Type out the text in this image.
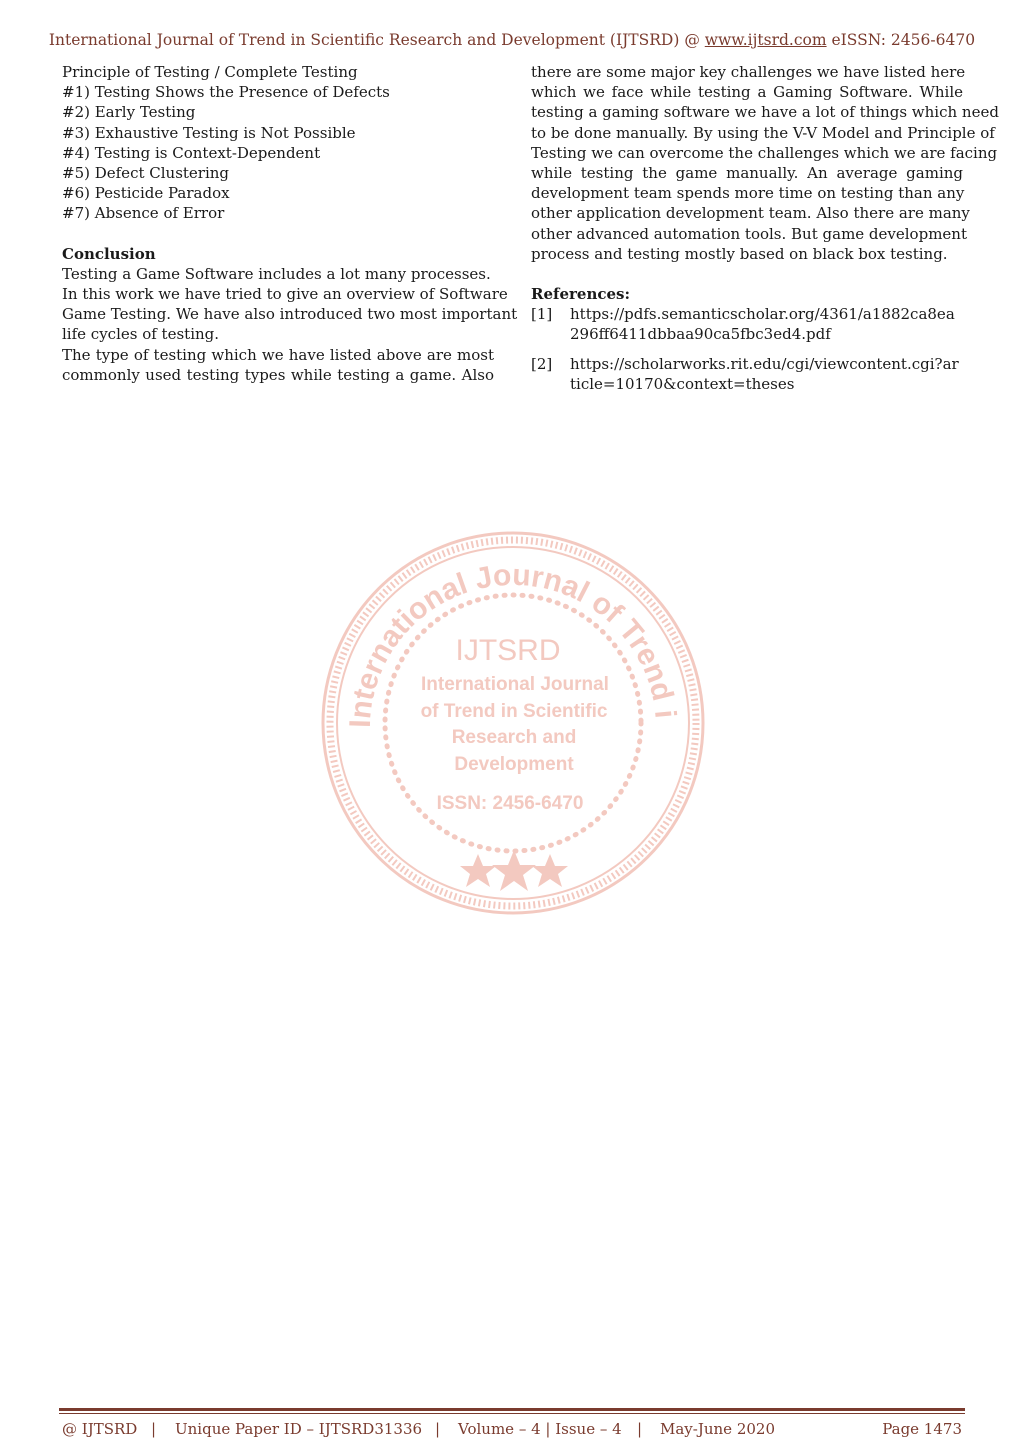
International Journal of Trend in Scientific Research and Development (IJTSRD) @ www.ijtsrd.com eISSN: 2456-6470
Principle of Testing / Complete Testing
#1) Testing Shows the Presence of Defects
#2) Early Testing
#3) Exhaustive Testing is Not Possible
#4) Testing is Context-Dependent
#5) Defect Clustering
#6) Pesticide Paradox
#7) Absence of Error
Conclusion
Testing a Game Software includes a lot many processes.
In this work we have tried to give an overview of Software
Game Testing. We have also introduced two most important
life cycles of testing.
The type of testing which we have listed above are most
commonly used testing types while testing a game. Also
there are some major key challenges we have listed here
which we face while testing a Gaming Software. While
testing a gaming software we have a lot of things which need
to be done manually. By using the V-V Model and Principle of
Testing we can overcome the challenges which we are facing
while testing the game manually. An average gaming
development team spends more time on testing than any
other application development team. Also there are many
other advanced automation tools. But game development
process and testing mostly based on black box testing.
References:
[1]	https://pdfs.semanticscholar.org/4361/a1882ca8ea296ff6411dbbaa90ca5fbc3ed4.pdf
[2]	https://scholarworks.rit.edu/cgi/viewcontent.cgi?article=10170&context=theses
International Journal of Trend i
IJTSRD
International Journal
of Trend in Scientific
Research and
Development
ISSN: 2456-6470
@ IJTSRD | Unique Paper ID – IJTSRD31336 | Volume – 4 | Issue – 4 | May-June 2020	Page 1473
